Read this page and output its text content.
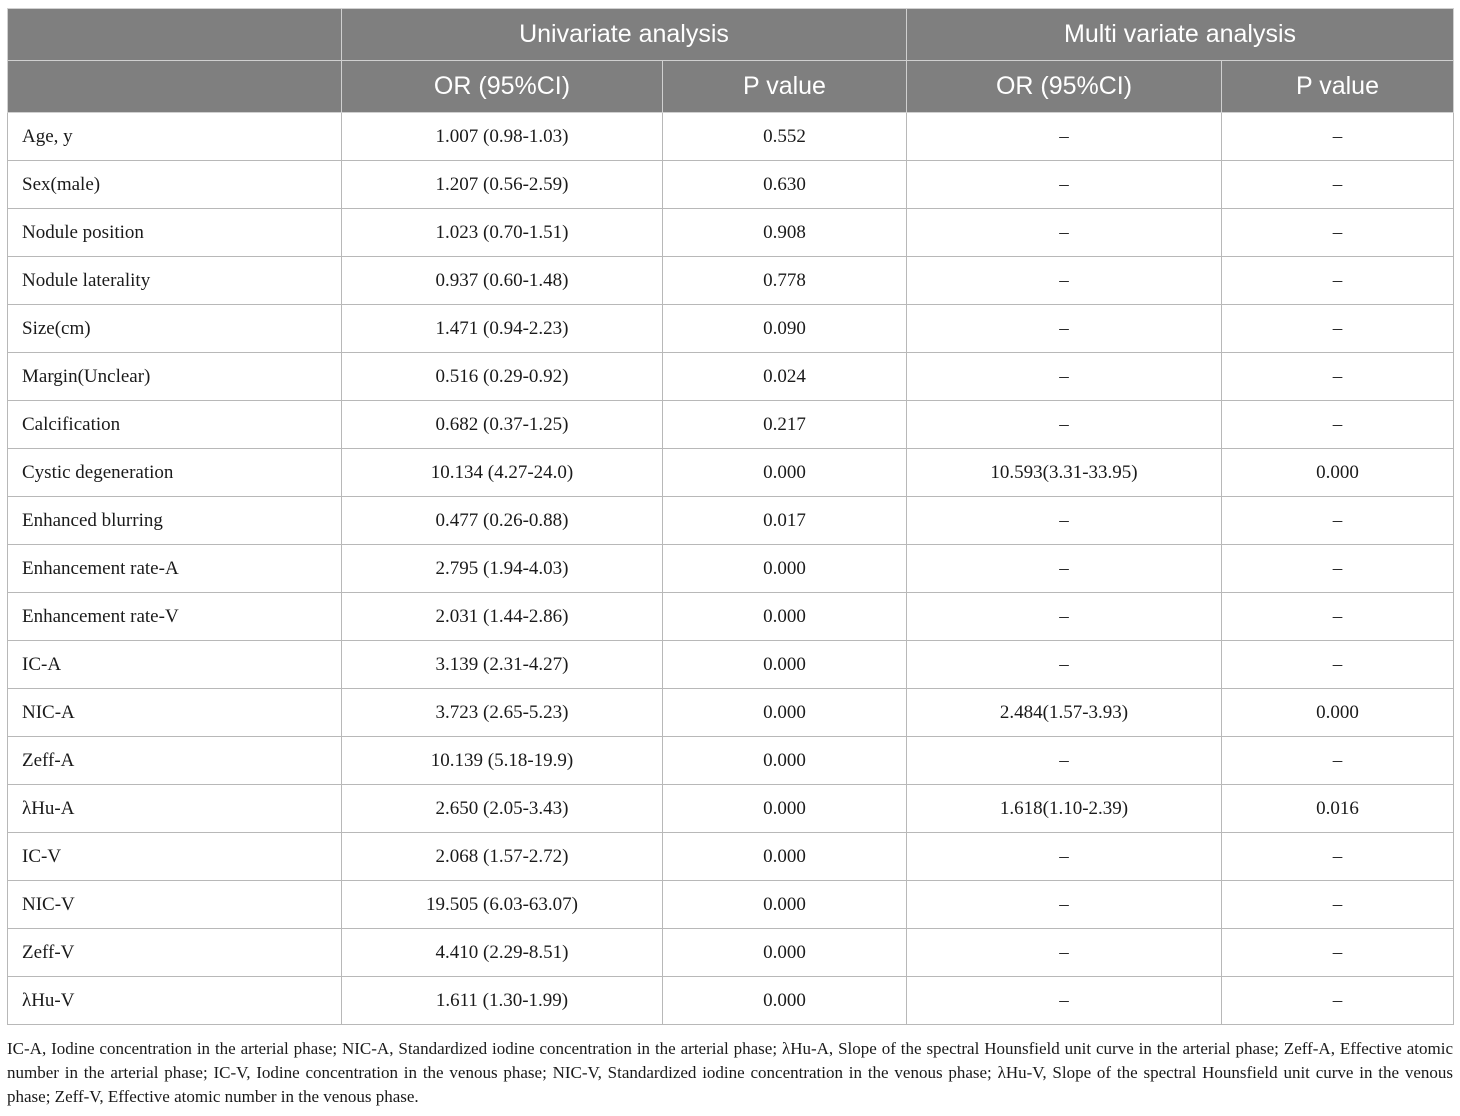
	Univariate analysis		Multi variate analysis	
	OR (95%CI)	P value	OR (95%CI)	P value
Age, y	1.007 (0.98-1.03)	0.552	–	–
Sex(male)	1.207 (0.56-2.59)	0.630	–	–
Nodule position	1.023 (0.70-1.51)	0.908	–	–
Nodule laterality	0.937 (0.60-1.48)	0.778	–	–
Size(cm)	1.471 (0.94-2.23)	0.090	–	–
Margin(Unclear)	0.516 (0.29-0.92)	0.024	–	–
Calcification	0.682 (0.37-1.25)	0.217	–	–
Cystic degeneration	10.134 (4.27-24.0)	0.000	10.593(3.31-33.95)	0.000
Enhanced blurring	0.477 (0.26-0.88)	0.017	–	–
Enhancement rate-A	2.795 (1.94-4.03)	0.000	–	–
Enhancement rate-V	2.031 (1.44-2.86)	0.000	–	–
IC-A	3.139 (2.31-4.27)	0.000	–	–
NIC-A	3.723 (2.65-5.23)	0.000	2.484(1.57-3.93)	0.000
Zeff-A	10.139 (5.18-19.9)	0.000	–	–
λHu-A	2.650 (2.05-3.43)	0.000	1.618(1.10-2.39)	0.016
IC-V	2.068 (1.57-2.72)	0.000	–	–
NIC-V	19.505 (6.03-63.07)	0.000	–	–
Zeff-V	4.410 (2.29-8.51)	0.000	–	–
λHu-V	1.611 (1.30-1.99)	0.000	–	–
IC-A, Iodine concentration in the arterial phase; NIC-A, Standardized iodine concentration in the arterial phase; λHu-A, Slope of the spectral Hounsfield unit curve in the arterial phase; Zeff-A, Effective atomic number in the arterial phase; IC-V, Iodine concentration in the venous phase; NIC-V, Standardized iodine concentration in the venous phase; λHu-V, Slope of the spectral Hounsfield unit curve in the venous phase; Zeff-V, Effective atomic number in the venous phase.
